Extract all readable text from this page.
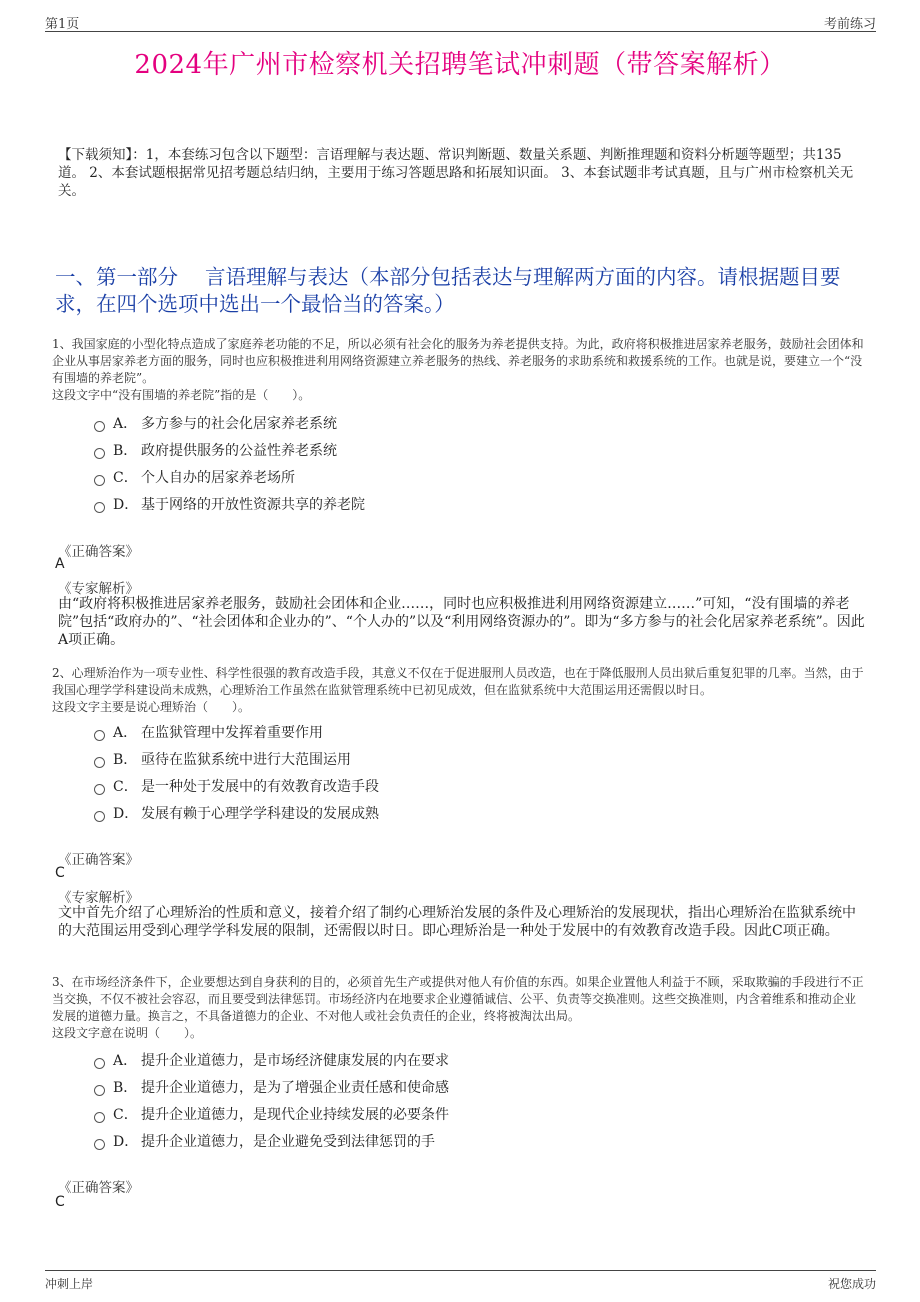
第1页	考前练习
2024年广州市检察机关招聘笔试冲刺题（带答案解析）
【下载须知】：1，本套练习包含以下题型：言语理解与表达题、常识判断题、数量关系题、判断推理题和资料分析题等题型；共135道。 2、本套试题根据常见招考题总结归纳，主要用于练习答题思路和拓展知识面。 3、本套试题非考试真题，且与广州市检察机关无关。
一、第一部分　 言语理解与表达（本部分包括表达与理解两方面的内容。请根据题目要求，在四个选项中选出一个最恰当的答案。）
1、我国家庭的小型化特点造成了家庭养老功能的不足，所以必须有社会化的服务为养老提供支持。为此，政府将积极推进居家养老服务，鼓励社会团体和企业从事居家养老方面的服务，同时也应积极推进利用网络资源建立养老服务的热线、养老服务的求助系统和救援系统的工作。也就是说，要建立一个“没有围墙的养老院”。
这段文字中“没有围墙的养老院”指的是（　　）。
A． 多方参与的社会化居家养老系统
B． 政府提供服务的公益性养老系统
C． 个人自办的居家养老场所
D． 基于网络的开放性资源共享的养老院
《正确答案》
A
《专家解析》
由“政府将积极推进居家养老服务，鼓励社会团体和企业……，同时也应积极推进利用网络资源建立……”可知，“没有围墙的养老院”包括“政府办的”、“社会团体和企业办的”、“个人办的”以及“利用网络资源办的”。即为“多方参与的社会化居家养老系统”。因此A项正确。
2、心理矫治作为一项专业性、科学性很强的教育改造手段，其意义不仅在于促进服刑人员改造，也在于降低服刑人员出狱后重复犯罪的几率。当然，由于我国心理学学科建设尚未成熟，心理矫治工作虽然在监狱管理系统中已初见成效，但在监狱系统中大范围运用还需假以时日。
这段文字主要是说心理矫治（　　）。
A． 在监狱管理中发挥着重要作用
B． 亟待在监狱系统中进行大范围运用
C． 是一种处于发展中的有效教育改造手段
D． 发展有赖于心理学学科建设的发展成熟
《正确答案》
C
《专家解析》
文中首先介绍了心理矫治的性质和意义，接着介绍了制约心理矫治发展的条件及心理矫治的发展现状，指出心理矫治在监狱系统中的大范围运用受到心理学学科发展的限制，还需假以时日。即心理矫治是一种处于发展中的有效教育改造手段。因此C项正确。
3、在市场经济条件下，企业要想达到自身获利的目的，必须首先生产或提供对他人有价值的东西。如果企业置他人利益于不顾，采取欺骗的手段进行不正当交换，不仅不被社会容忍，而且要受到法律惩罚。市场经济内在地要求企业遵循诚信、公平、负责等交换准则。这些交换准则，内含着维系和推动企业发展的道德力量。换言之，不具备道德力的企业、不对他人或社会负责任的企业，终将被淘汰出局。
这段文字意在说明（　　）。
A． 提升企业道德力，是市场经济健康发展的内在要求
B． 提升企业道德力，是为了增强企业责任感和使命感
C． 提升企业道德力，是现代企业持续发展的必要条件
D． 提升企业道德力，是企业避免受到法律惩罚的手
《正确答案》
C
冲刺上岸	祝您成功
